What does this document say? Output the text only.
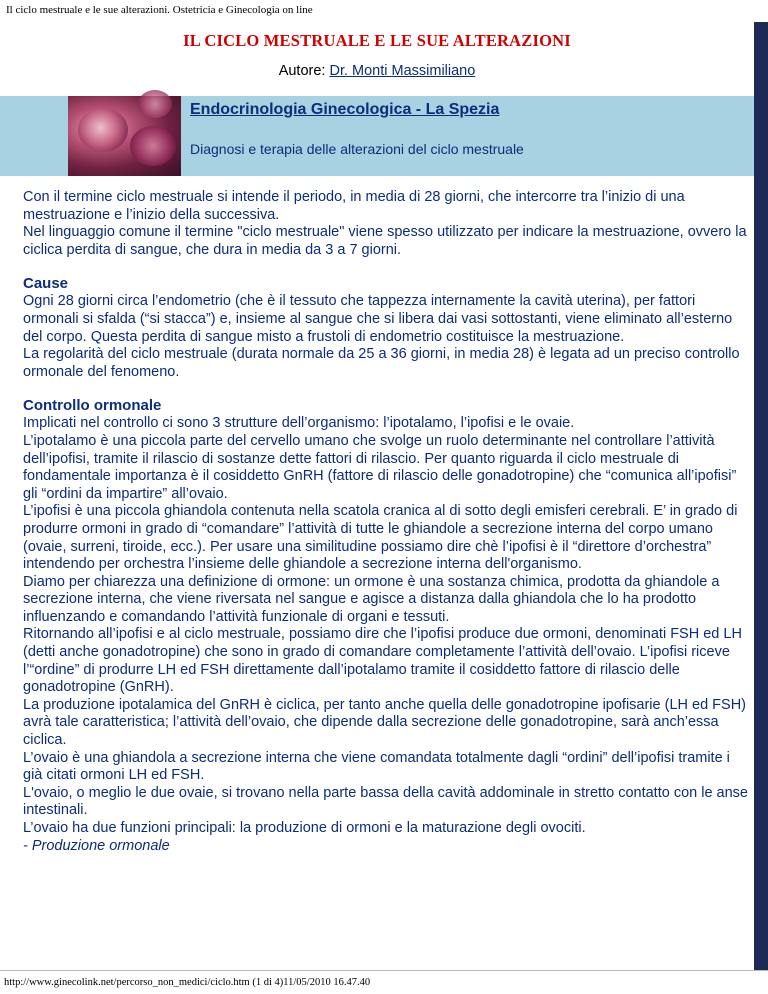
Il ciclo mestruale e le sue alterazioni. Ostetricia e Ginecologia on line
IL CICLO MESTRUALE E LE SUE ALTERAZIONI
Autore: Dr. Monti Massimiliano
Endocrinologia Ginecologica - La Spezia
Diagnosi e terapia delle alterazioni del ciclo mestruale

Con il termine ciclo mestruale si intende il periodo, in media di 28 giorni, che intercorre tra l’inizio di una mestruazione e l’inizio della successiva.

Nel linguaggio comune il termine "ciclo mestruale" viene spesso utilizzato per indicare la mestruazione, ovvero la ciclica perdita di sangue, che dura in media da 3 a 7 giorni.

Cause

Ogni 28 giorni circa l’endometrio (che è il tessuto che tappezza internamente la cavità uterina), per fattori ormonali si sfalda (“si stacca”) e, insieme al sangue che si libera dai vasi sottostanti, viene eliminato all’esterno del corpo. Questa perdita di sangue misto a frustoli di endometrio costituisce la mestruazione.

La regolarità del ciclo mestruale (durata normale da 25 a 36 giorni, in media 28) è legata ad un preciso controllo ormonale del fenomeno.

Controllo ormonale

Implicati nel controllo ci sono 3 strutture dell’organismo: l’ipotalamo, l’ipofisi e le ovaie.

L’ipotalamo è una piccola parte del cervello umano che svolge un ruolo determinante nel controllare l’attività dell’ipofisi, tramite il rilascio di sostanze dette fattori di rilascio. Per quanto riguarda il ciclo mestruale di fondamentale importanza è il cosiddetto GnRH (fattore di rilascio delle gonadotropine) che “comunica all’ipofisi” gli “ordini da impartire” all’ovaio.

L’ipofisi è una piccola ghiandola contenuta nella scatola cranica al di sotto degli emisferi cerebrali. E’ in grado di produrre ormoni in grado di “comandare” l’attività di tutte le ghiandole a secrezione interna del corpo umano (ovaie, surreni, tiroide, ecc.). Per usare una similitudine possiamo dire chè l’ipofisi è il “direttore d’orchestra” intendendo per orchestra l’insieme delle ghiandole a secrezione interna dell'organismo.

Diamo per chiarezza una definizione di ormone: un ormone è una sostanza chimica, prodotta da ghiandole a secrezione interna, che viene riversata nel sangue e agisce a distanza dalla ghiandola che lo ha prodotto influenzando e comandando l’attività funzionale di organi e tessuti.

Ritornando all’ipofisi e al ciclo mestruale, possiamo dire che l’ipofisi produce due ormoni, denominati FSH ed LH (detti anche gonadotropine) che sono in grado di comandare completamente l’attività dell’ovaio. L’ipofisi riceve l’“ordine” di produrre LH ed FSH direttamente dall’ipotalamo tramite il cosiddetto fattore di rilascio delle gonadotropine (GnRH).

La produzione ipotalamica del GnRH è ciclica, per tanto anche quella delle gonadotropine ipofisarie (LH ed FSH) avrà tale caratteristica; l’attività dell’ovaio, che dipende dalla secrezione delle gonadotropine, sarà anch’essa ciclica.

L’ovaio è una ghiandola a secrezione interna che viene comandata totalmente dagli “ordini” dell’ipofisi tramite i già citati ormoni LH ed FSH.

L'ovaio, o meglio le due ovaie, si trovano nella parte bassa della cavità addominale in stretto contatto con le anse intestinali.

L’ovaio ha due funzioni principali: la produzione di ormoni e la maturazione degli ovociti.

- Produzione ormonale

http://www.ginecolink.net/percorso_non_medici/ciclo.htm (1 di 4)11/05/2010 16.47.40
